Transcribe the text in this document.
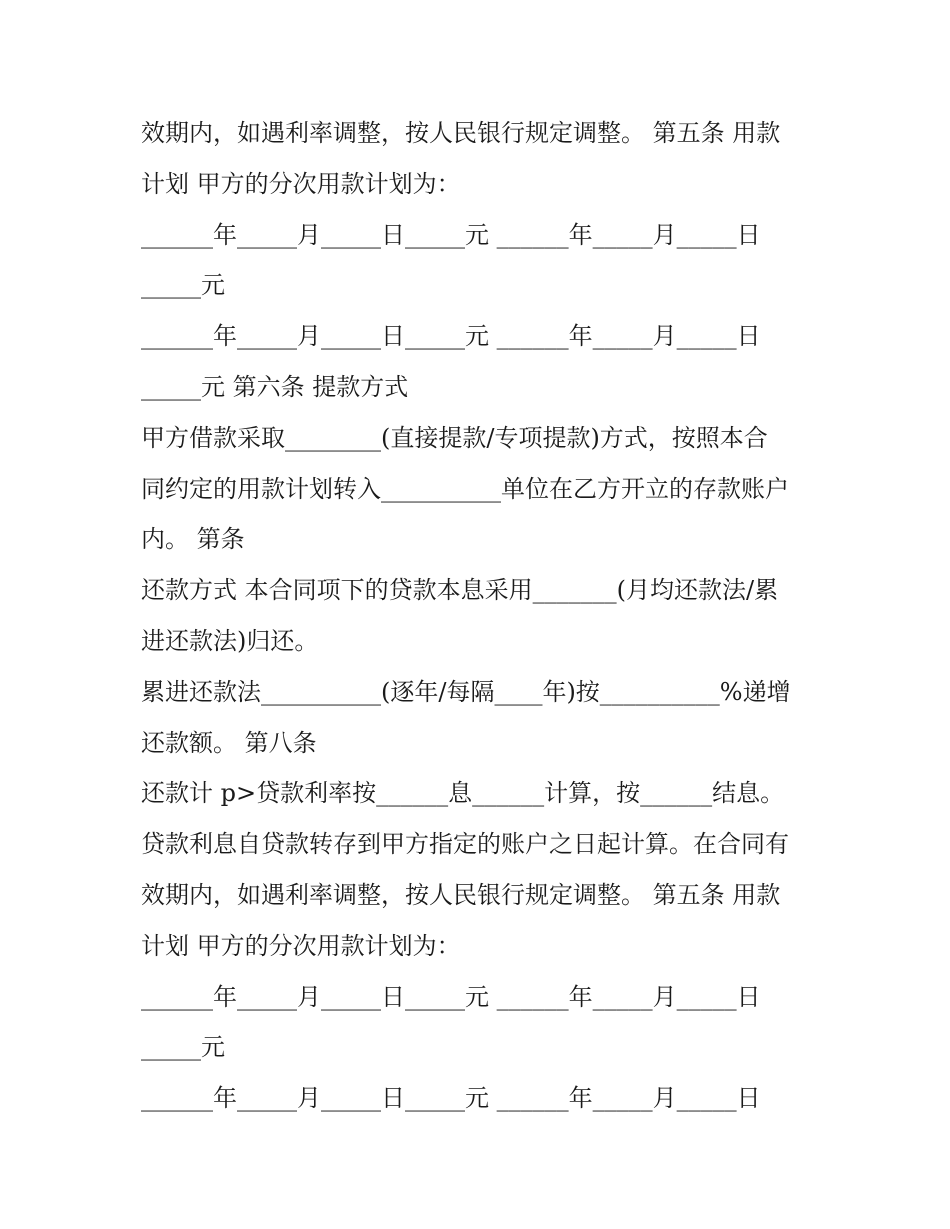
效期内，如遇利率调整，按人民银行规定调整。 第五条 用款
计划 甲方的分次用款计划为：
______年_____月_____日_____元 ______年_____月_____日
_____元
______年_____月_____日_____元 ______年_____月_____日
_____元 第六条 提款方式
甲方借款采取________(直接提款/专项提款)方式，按照本合
同约定的用款计划转入__________单位在乙方开立的存款账户
内。 第条
还款方式 本合同项下的贷款本息采用_______(月均还款法/累
进还款法)归还。
累进还款法__________(逐年/每隔____年)按__________%递增
还款额。 第八条
还款计 p>贷款利率按______息______计算，按______结息。
贷款利息自贷款转存到甲方指定的账户之日起计算。在合同有
效期内，如遇利率调整，按人民银行规定调整。 第五条 用款
计划 甲方的分次用款计划为：
______年_____月_____日_____元 ______年_____月_____日
_____元
______年_____月_____日_____元 ______年_____月_____日
